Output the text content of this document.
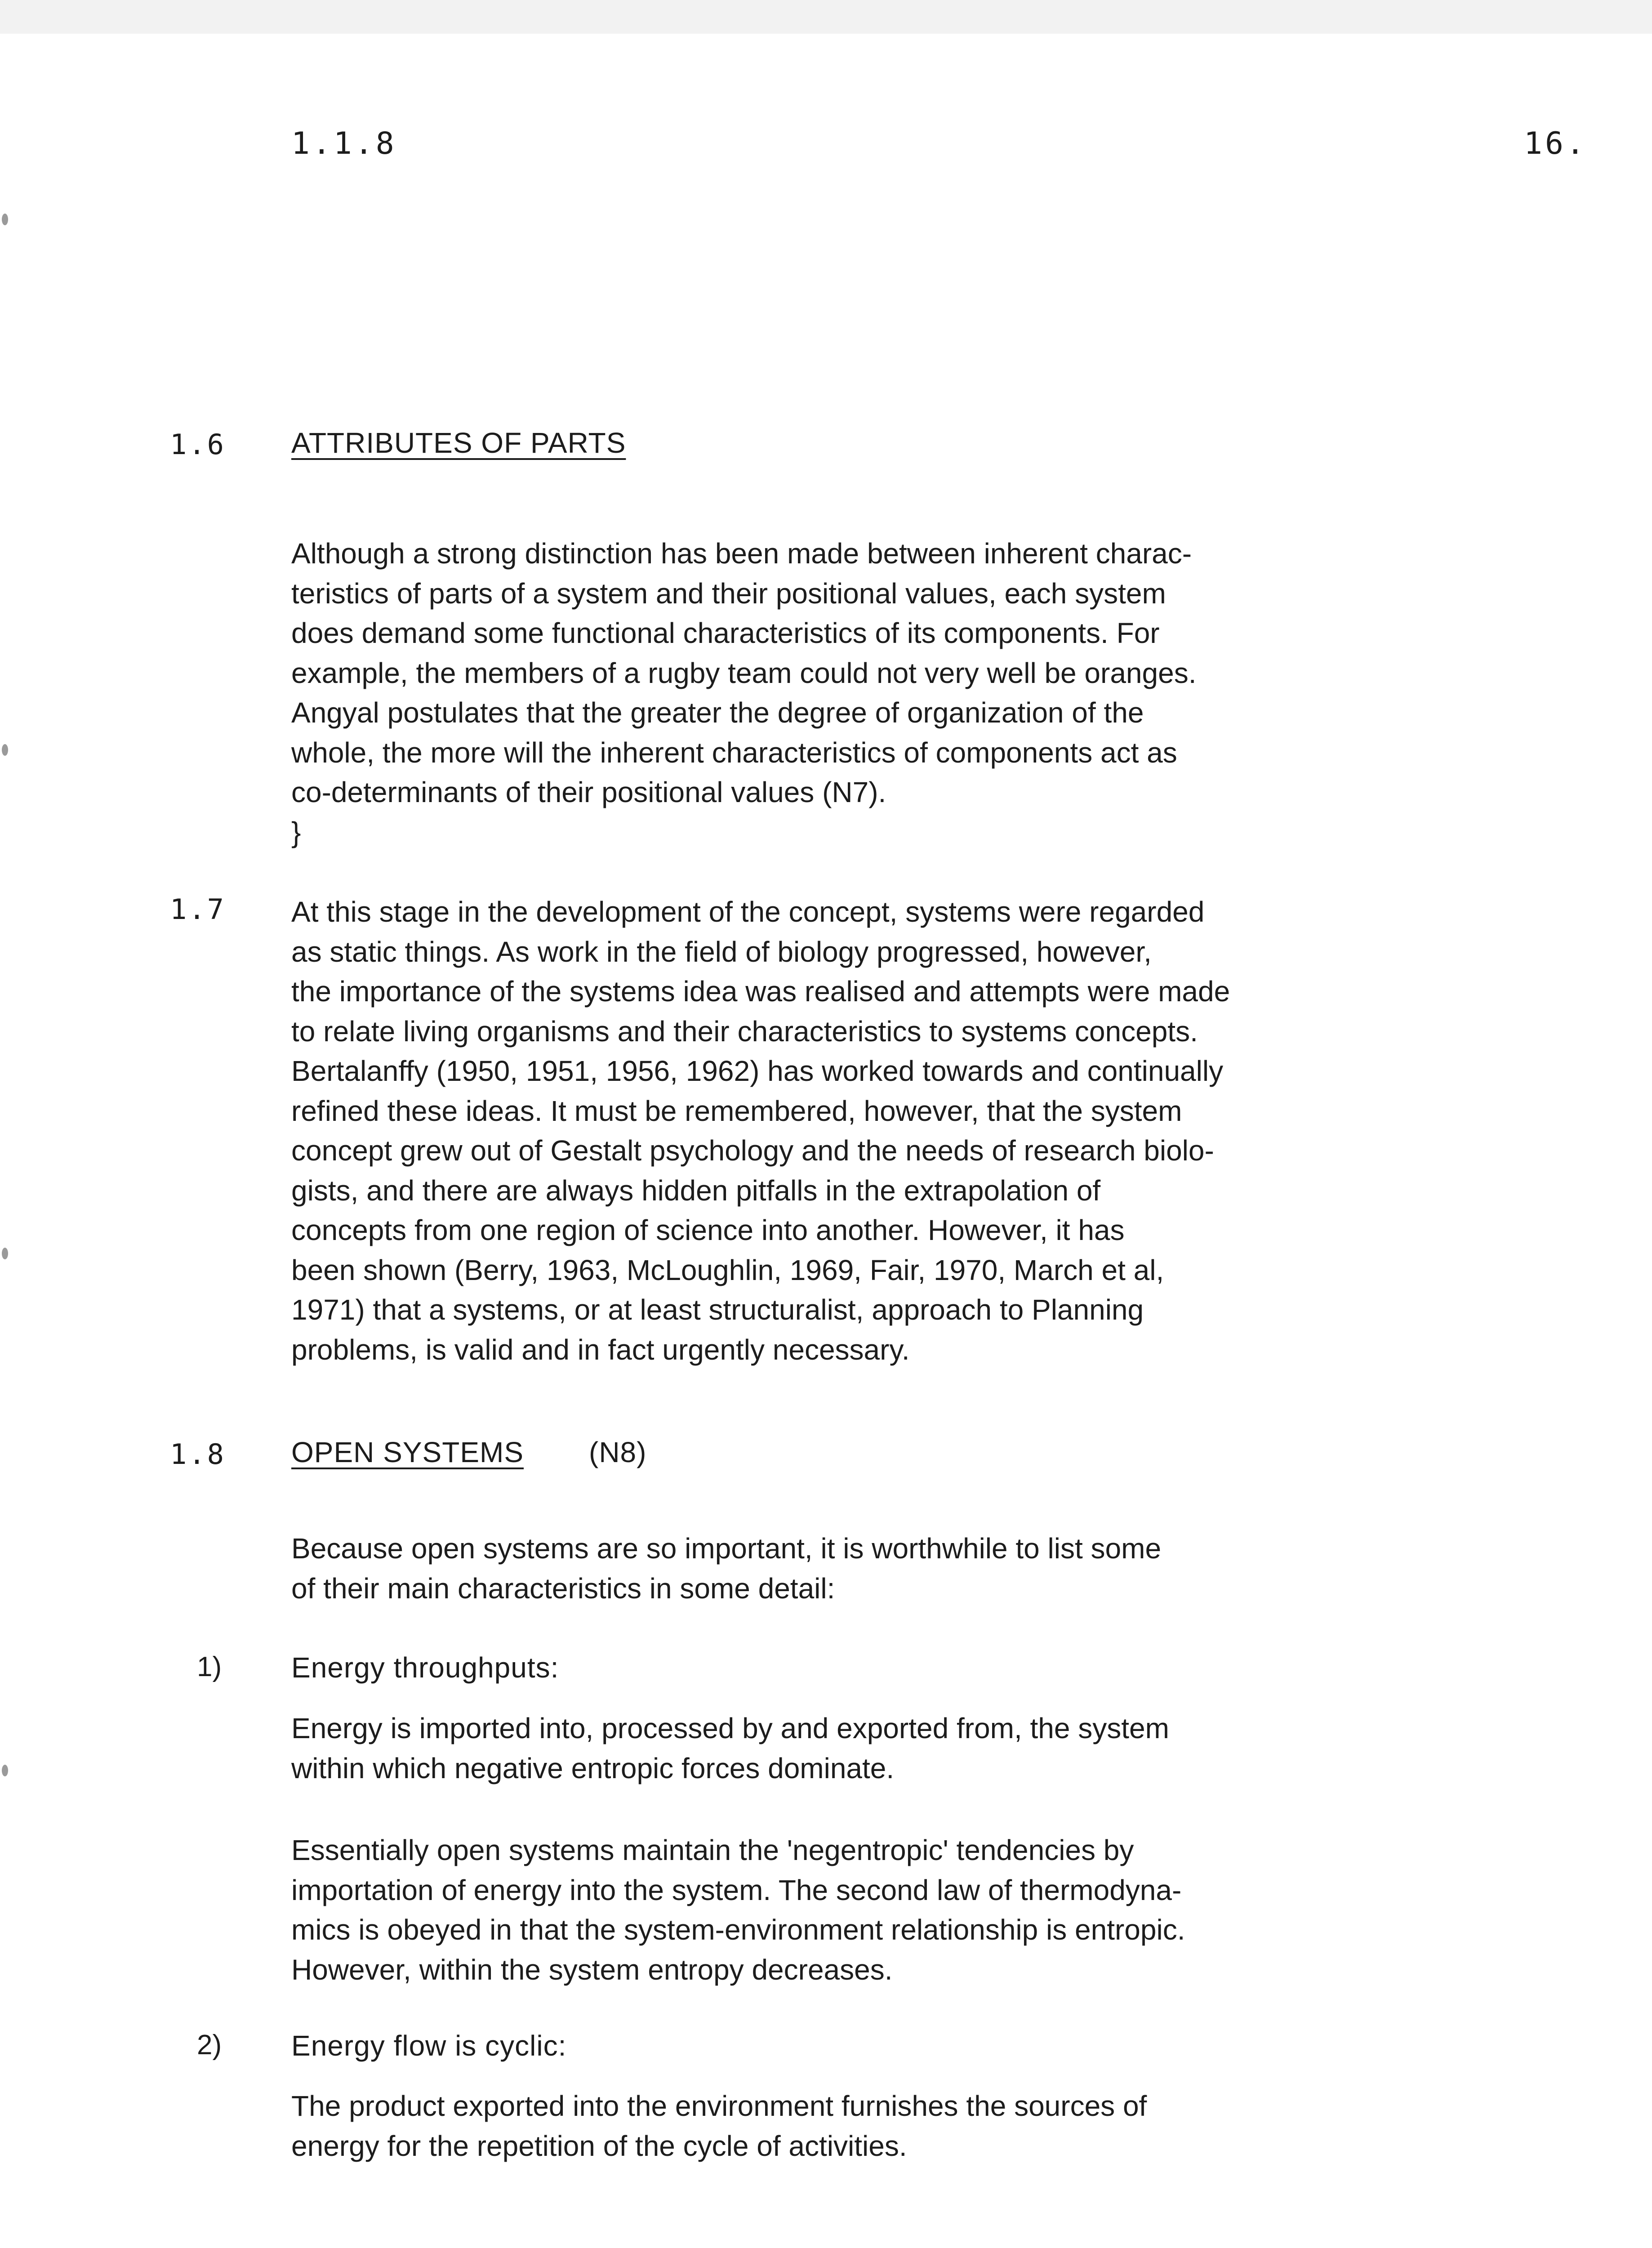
1.1.8	16.
1.6 ATTRIBUTES OF PARTS
Although a strong distinction has been made between inherent charac-
teristics of parts of a system and their positional values, each system
does demand some functional characteristics of its components. For
example, the members of a rugby team could not very well be oranges.
Angyal postulates that the greater the degree of organization of the
whole, the more will the inherent characteristics of components act as
co-determinants of their positional values (N7).
}
1.7 At this stage in the development of the concept, systems were regarded
as static things. As work in the field of biology progressed, however,
the importance of the systems idea was realised and attempts were made
to relate living organisms and their characteristics to systems concepts.
Bertalanffy (1950, 1951, 1956, 1962) has worked towards and continually
refined these ideas. It must be remembered, however, that the system
concept grew out of Gestalt psychology and the needs of research biolo-
gists, and there are always hidden pitfalls in the extrapolation of
concepts from one region of science into another. However, it has
been shown (Berry, 1963, McLoughlin, 1969, Fair, 1970, March et al,
1971) that a systems, or at least structuralist, approach to Planning
problems, is valid and in fact urgently necessary.
1.8 OPEN SYSTEMS (N8)
Because open systems are so important, it is worthwhile to list some
of their main characteristics in some detail:
1) Energy throughputs:
Energy is imported into, processed by and exported from, the system
within which negative entropic forces dominate.
Essentially open systems maintain the 'negentropic' tendencies by
importation of energy into the system. The second law of thermodyna-
mics is obeyed in that the system-environment relationship is entropic.
However, within the system entropy decreases.
2) Energy flow is cyclic:
The product exported into the environment furnishes the sources of
energy for the repetition of the cycle of activities.
